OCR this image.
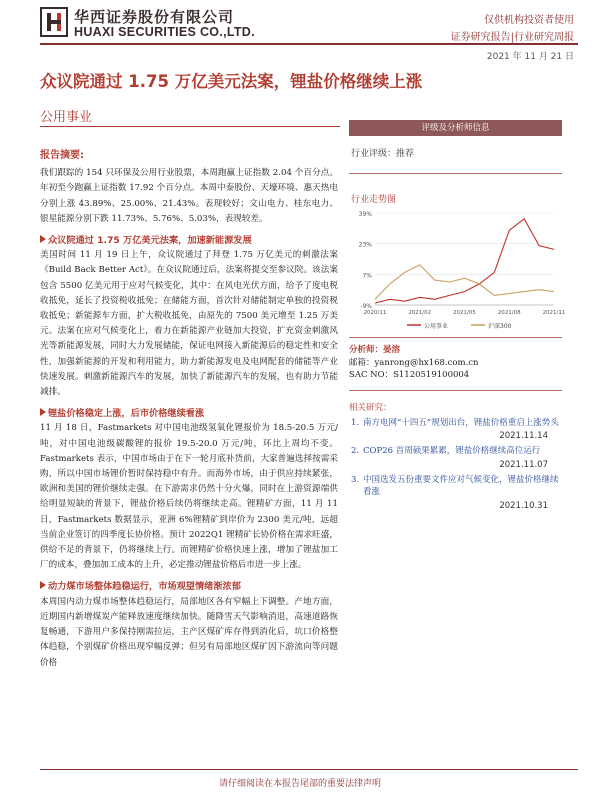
华西证券股份有限公司
HUAXI SECURITIES CO.,LTD.
仅供机构投资者使用
证券研究报告|行业研究周报
2021 年 11 月 21 日
众议院通过 1.75 万亿美元法案，锂盐价格继续上涨
公用事业
报告摘要:
我们跟踪的 154 只环保及公用行业股票，本周跑赢上证指数 2.04 个百分点。年初至今跑赢上证指数 17.92 个百分点。本周中泰股份、天壕环境、惠天热电分别上涨 43.89%、25.00%、21.43%。表现较好；文山电力、桂东电力、银星能源分别下跌 11.73%、5.76%、5.03%，表现较差。
众议院通过 1.75 万亿美元法案，加速新能源发展
美国时间 11 月 19 日上午，众议院通过了拜登 1.75 万亿美元的刺激法案《Build Back Better Act》。在众议院通过后，法案将提交至参议院。该法案包含 5500 亿美元用于应对气候变化，其中：在风电光伏方面，给予了度电税收抵免，延长了投资税收抵免；在储能方面，首次针对储能制定单独的投资税收抵免；新能源车方面，扩大税收抵免，由原先的 7500 美元增至 1.25 万美元。法案在应对气候变化上，着力在新能源产业链加大投资，扩充资金刺激风光等新能源发展，同时大力发展储能，保证电网接入新能源后的稳定性和安全性，加强新能源的开发和利用能力，助力新能源发电及电网配套的储能等产业快速发展。刺激新能源汽车的发展，加快了新能源汽车的发展，也有助力节能减排。
锂盐价格稳定上涨，后市价格继续看涨
11 月 18 日，Fastmarkets 对中国电池级氢氧化锂报价为 18.5-20.5 万元/吨，对中国电池级碳酸锂的报价 19.5-20.0 万元/吨，环比上周均不变。Fastmarkets 表示，中国市场由于在下一轮月底补货前，大家普遍选择按需采购，所以中国市场锂价暂时保持稳中有升。而海外市场，由于供应持续紧张，欧洲和美国的锂价继续走强。在下游需求仍然十分火爆，同时在上游资源端供给明显短缺的背景下，锂盐价格后续仍将继续走高。锂精矿方面，11 月 11 日，Fastmarkets 数据显示，亚洲 6%锂精矿到岸价为 2300 美元/吨，远超当前企业签订的四季度长协价格。预计 2022Q1 锂精矿长协价格在需求旺盛，供给不足的背景下，仍将继续上行。而锂精矿价格快速上涨，增加了锂盐加工厂的成本，叠加加工成本的上升，必定推动锂盐价格后市进一步上涨。
动力煤市场整体趋稳运行，市场观望情绪渐浓郁
本周国内动力煤市场整体趋稳运行，局部地区各有窄幅上下调整。产地方面，近期国内新增煤炭产能释放速度继续加快。随降雪天气影响消退，高速道路恢复畅通，下游用户多保持刚需拉运，主产区煤矿库存得到消化后，坑口价格整体趋稳，个别煤矿价格出现窄幅反弹；但另有局部地区煤矿因下游流向等问题价格
评级及分析师信息
行业评级：推荐
行业走势图
-9%
7%
23%
39%
2020/11	2021/02	2021/05	2021/08	2021/11
公用事业	沪深300
分析师：晏溶
邮箱：yanrong@hx168.com.cn
SAC NO：S1120519100004
相关研究：
1. 南方电网“十四五”规划出台，锂盐价格重启上涨势头
2021.11.14
2. COP26 首周硕果累累，锂盐价格继续高位运行
2021.11.07
3. 中国选发五份重要文件应对气候变化，锂盐价格继续看涨
2021.10.31
请仔细阅读在本报告尾部的重要法律声明
